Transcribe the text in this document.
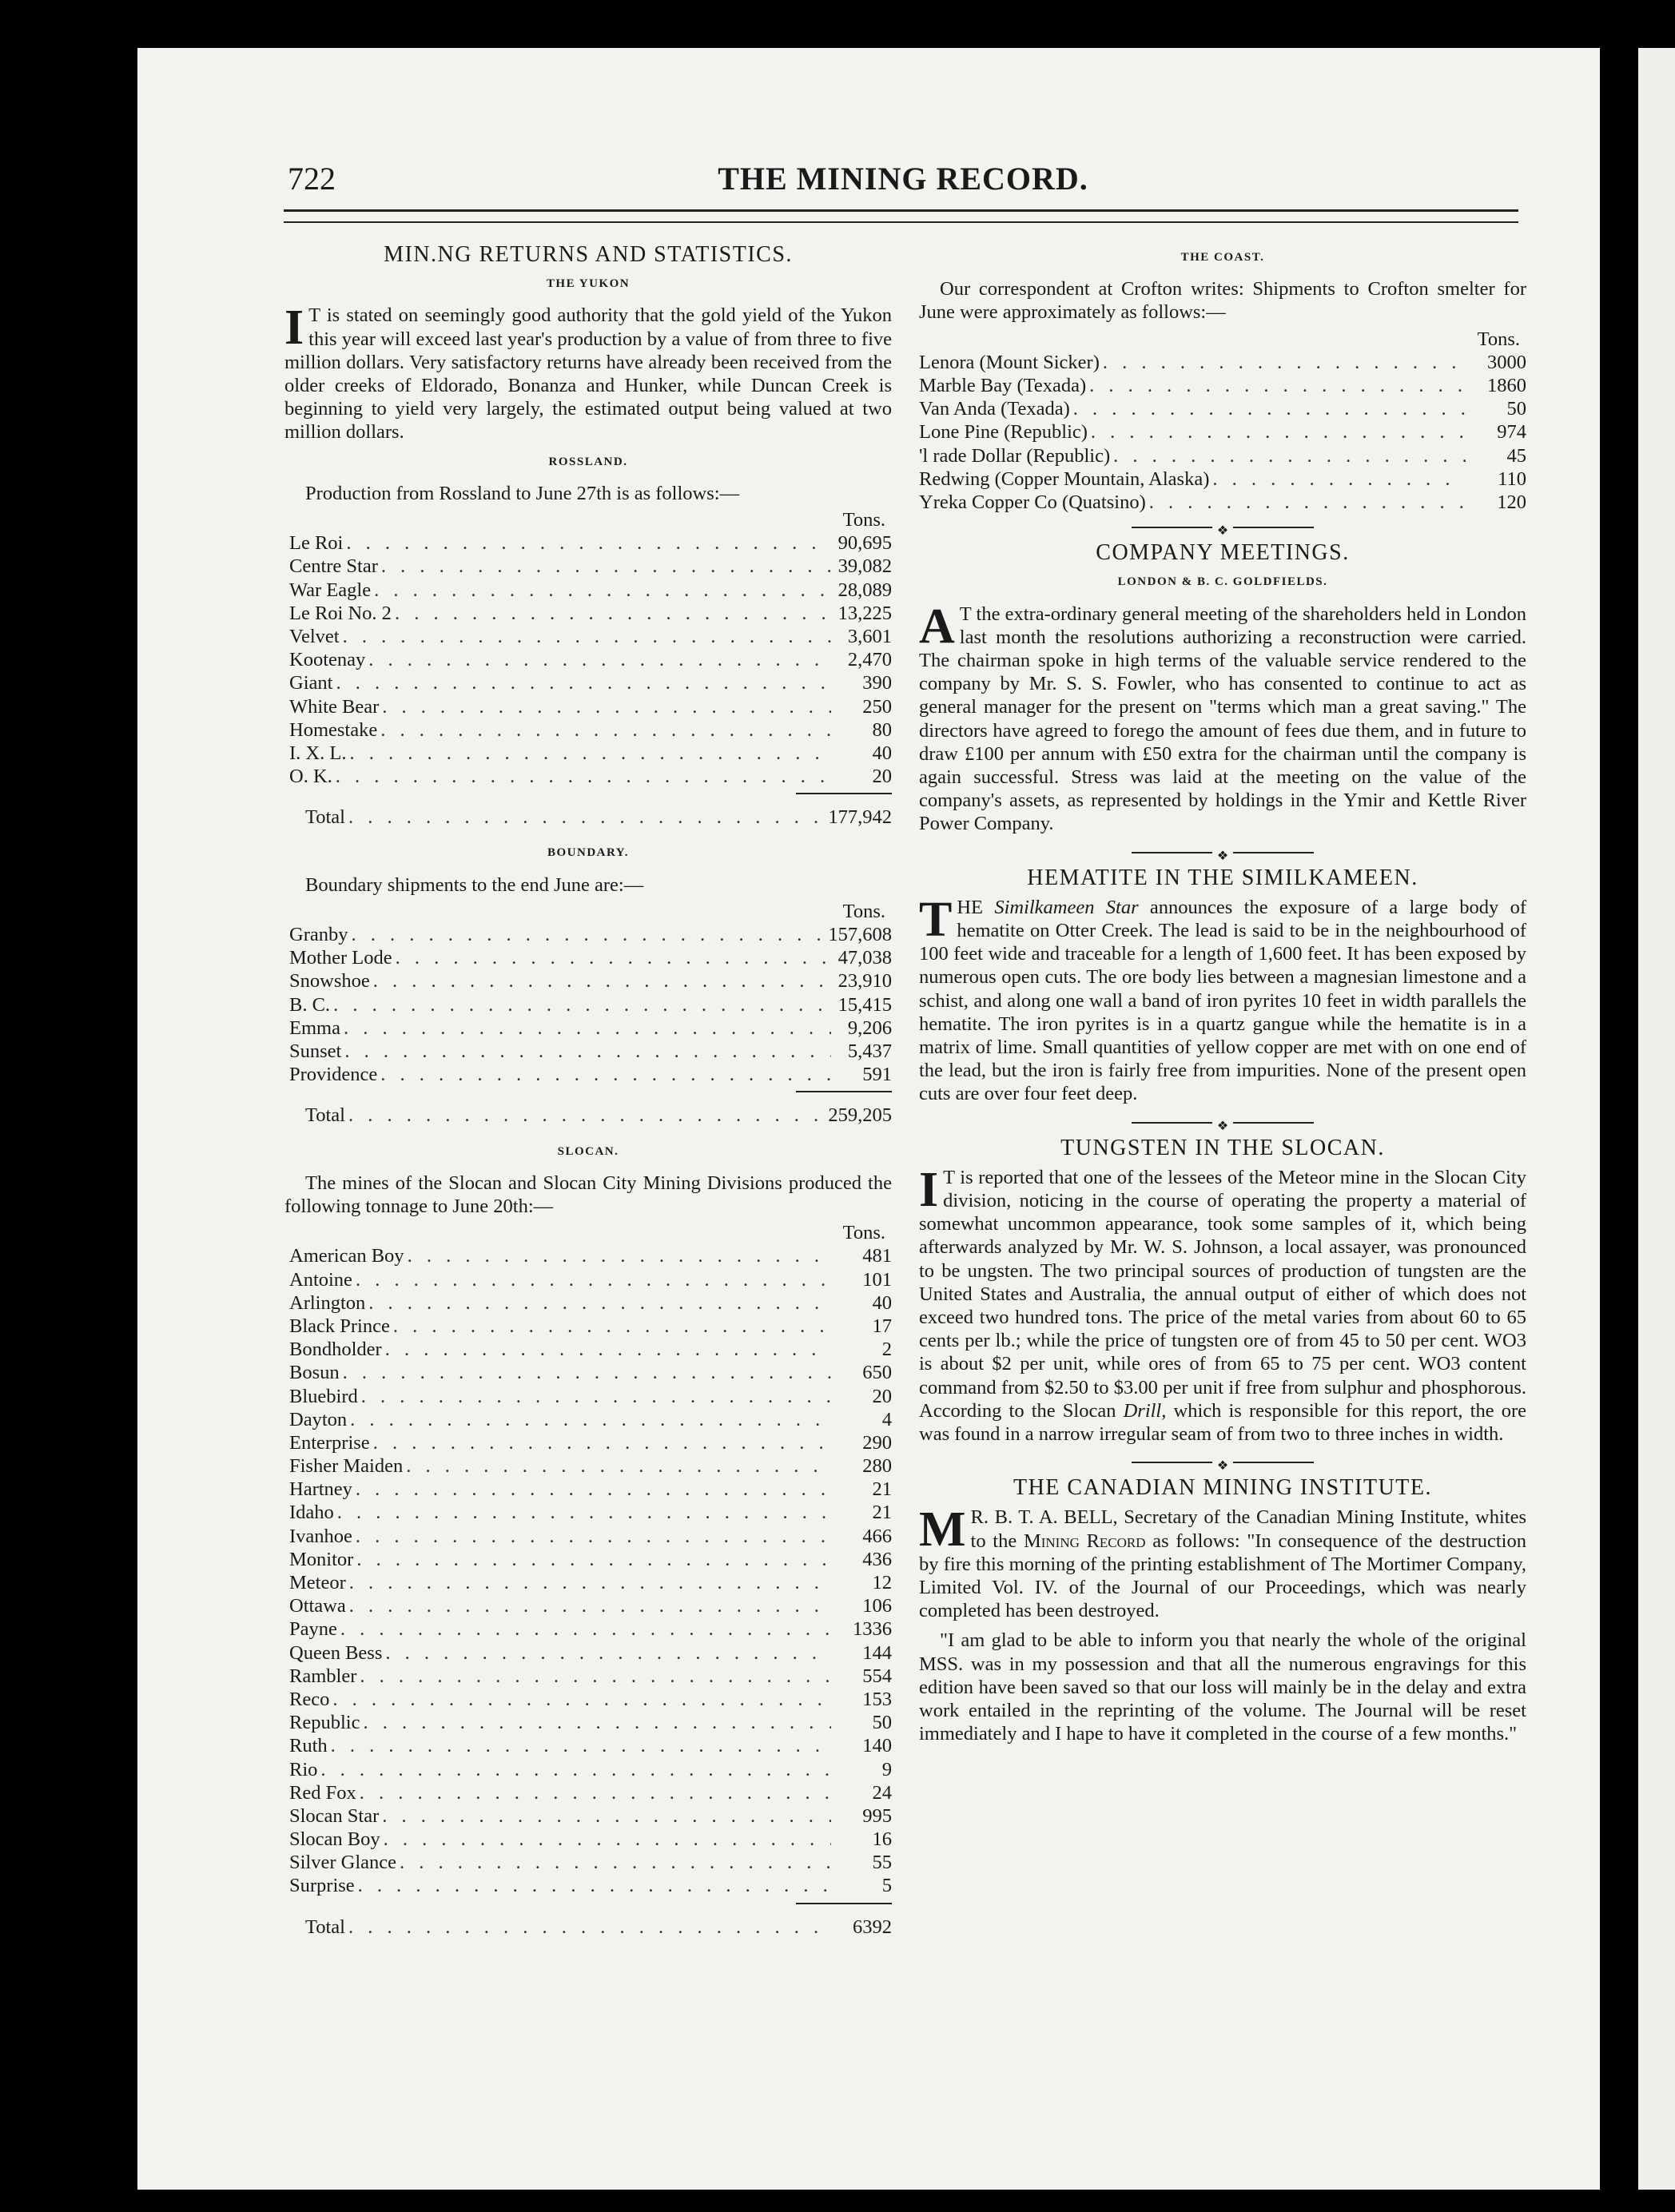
722	THE MINING RECORD.
MIN.NG RETURNS AND STATISTICS.
THE YUKON
I T is stated on seemingly good authority that the gold yield of the Yukon this year will exceed last year's production by a value of from three to five million dollars. Very satisfactory returns have already been received from the older creeks of Eldorado, Bonanza and Hunker, while Duncan Creek is beginning to yield very largely, the estimated output being valued at two million dollars.
ROSSLAND.
Production from Rossland to June 27th is as follows:—
Tons.
Le Roi . . .	90,695
Centre Star . . .	39,082
War Eagle . . .	28,089
Le Roi No. 2 . . .	13,225
Velvet . . .	3,601
Kootenay . . .	2,470
Giant . . .	390
White Bear . . .	250
Homestake . . .	80
I. X. L. . . .	40
O. K. . . .	20
Total . . .	177,942
BOUNDARY.
Boundary shipments to the end June are:—
Tons.
Granby . . .	157,608
Mother Lode . . .	47,038
Snowshoe . . .	23,910
B. C. . . .	15,415
Emma . . .	9,206
Sunset . . .	5,437
Providence . . .	591
Total . . .	259,205
SLOCAN.
The mines of the Slocan and Slocan City Mining Divisions produced the following tonnage to June 20th:—
Tons.
American Boy . . .	481
Antoine . . .	101
Arlington . . .	40
Black Prince . . .	17
Bondholder . . .	2
Bosun . . .	650
Bluebird . . .	20
Dayton . . .	4
Enterprise . . .	290
Fisher Maiden . . .	280
Hartney . . .	21
Idaho . . .	21
Ivanhoe . . .	466
Monitor . . .	436
Meteor . . .	12
Ottawa . . .	106
Payne . . .	1336
Queen Bess . . .	144
Rambler . . .	554
Reco . . .	153
Republic . . .	50
Ruth . . .	140
Rio . . .	9
Red Fox . . .	24
Slocan Star . . .	995
Slocan Boy . . .	16
Silver Glance . . .	55
Surprise . . .	5
Total . . .	6392
THE COAST.
Our correspondent at Crofton writes: Shipments to Crofton smelter for June were approximately as follows:—
Tons.
Lenora (Mount Sicker) . . .	3000
Marble Bay (Texada) . . .	1860
Van Anda (Texada) . . .	50
Lone Pine (Republic) . . .	974
'l rade Dollar (Republic) . . .	45
Redwing (Copper Mountain, Alaska) . . .	110
Yreka Copper Co (Quatsino) . . .	120
❖
COMPANY MEETINGS.
LONDON & B. C. GOLDFIELDS.
A T the extra-ordinary general meeting of the shareholders held in London last month the resolutions authorizing a reconstruction were carried. The chairman spoke in high terms of the valuable service rendered to the company by Mr. S. S. Fowler, who has consented to continue to act as general manager for the present on "terms which man a great saving." The directors have agreed to forego the amount of fees due them, and in future to draw £100 per annum with £50 extra for the chairman until the company is again successful. Stress was laid at the meeting on the value of the company's assets, as represented by holdings in the Ymir and Kettle River Power Company.
❖
HEMATITE IN THE SIMILKAMEEN.
THE Similkameen Star announces the exposure of a large body of hematite on Otter Creek. The lead is said to be in the neighbourhood of 100 feet wide and traceable for a length of 1,600 feet. It has been exposed by numerous open cuts. The ore body lies between a magnesian limestone and a schist, and along one wall a band of iron pyrites 10 feet in width parallels the hematite. The iron pyrites is in a quartz gangue while the hematite is in a matrix of lime. Small quantities of yellow copper are met with on one end of the lead, but the iron is fairly free from impurities. None of the present open cuts are over four feet deep.
❖
TUNGSTEN IN THE SLOCAN.
I T is reported that one of the lessees of the Meteor mine in the Slocan City division, noticing in the course of operating the property a material of somewhat uncommon appearance, took some samples of it, which being afterwards analyzed by Mr. W. S. Johnson, a local assayer, was pronounced to be ungsten. The two principal sources of production of tungsten are the United States and Australia, the annual output of either of which does not exceed two hundred tons. The price of the metal varies from about 60 to 65 cents per lb.; while the price of tungsten ore of from 45 to 50 per cent. WO3 is about $2 per unit, while ores of from 65 to 75 per cent. WO3 content command from $2.50 to $3.00 per unit if free from sulphur and phosphorous. According to the Slocan Drill, which is responsible for this report, the ore was found in a narrow irregular seam of from two to three inches in width.
❖
THE CANADIAN MINING INSTITUTE.
M R. B. T. A. BELL, Secretary of the Canadian Mining Institute, whites to the Mining Record as follows: "In consequence of the destruction by fire this morning of the printing establishment of The Mortimer Company, Limited Vol. IV. of the Journal of our Proceedings, which was nearly completed has been destroyed.
"I am glad to be able to inform you that nearly the whole of the original MSS. was in my possession and that all the numerous engravings for this edition have been saved so that our loss will mainly be in the delay and extra work entailed in the reprinting of the volume. The Journal will be reset immediately and I hape to have it completed in the course of a few months."
